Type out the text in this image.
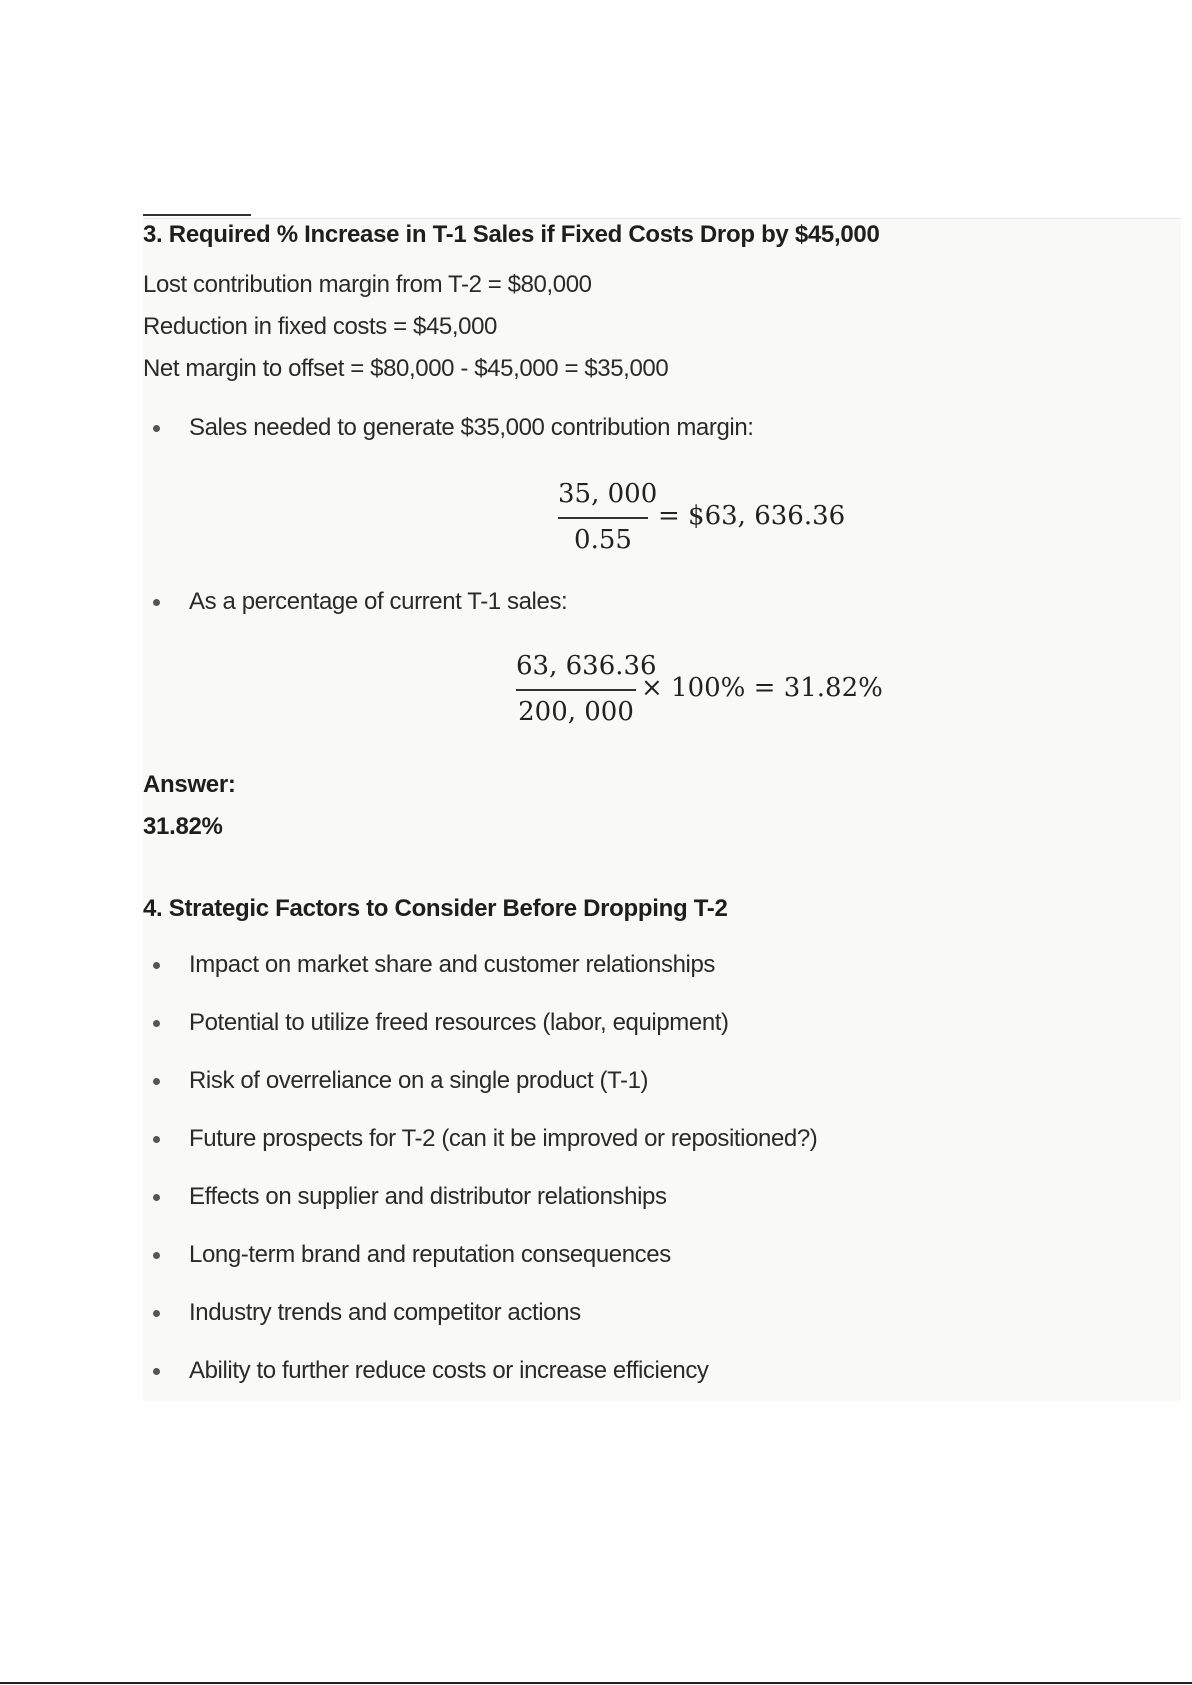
3. Required % Increase in T-1 Sales if Fixed Costs Drop by $45,000
Lost contribution margin from T-2 = $80,000
Reduction in fixed costs = $45,000
Net margin to offset = $80,000 - $45,000 = $35,000
Sales needed to generate $35,000 contribution margin:
35, 000
0.55
= $63, 636.36
As a percentage of current T-1 sales:
63, 636.36
200, 000
× 100% = 31.82%
Answer:
31.82%
4. Strategic Factors to Consider Before Dropping T-2
Impact on market share and customer relationships
Potential to utilize freed resources (labor, equipment)
Risk of overreliance on a single product (T-1)
Future prospects for T-2 (can it be improved or repositioned?)
Effects on supplier and distributor relationships
Long-term brand and reputation consequences
Industry trends and competitor actions
Ability to further reduce costs or increase efficiency
